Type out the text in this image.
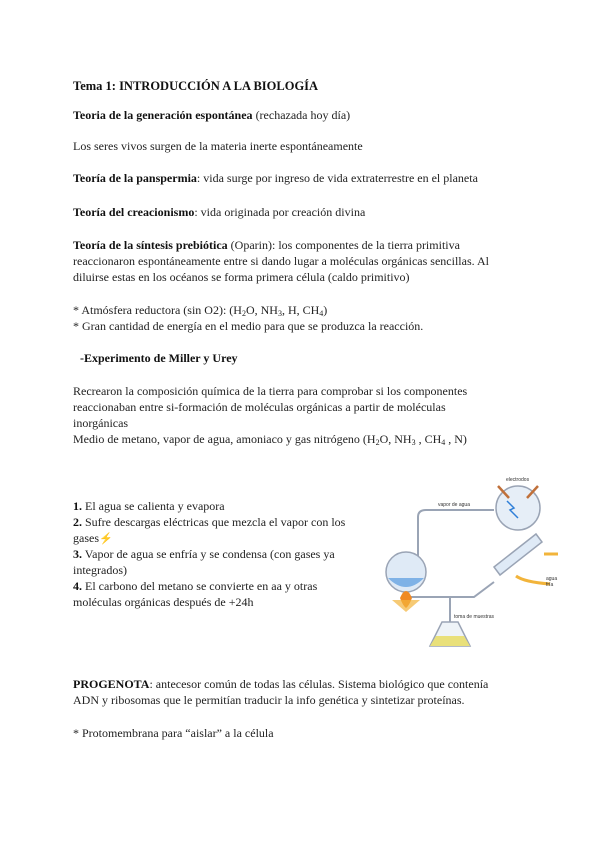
Tema 1: INTRODUCCIÓN A LA BIOLOGÍA
Teoria de la generación espontánea (rechazada hoy día)
Los seres vivos surgen de la materia inerte espontáneamente
Teoría de la panspermia: vida surge por ingreso de vida extraterrestre en el planeta
Teoría del creacionismo: vida originada por creación divina
Teoría de la síntesis prebiótica (Oparin): los componentes de la tierra primitiva
reaccionaron espontáneamente entre si dando lugar a moléculas orgánicas sencillas. Al
diluirse estas en los océanos se forma primera célula (caldo primitivo)
* Atmósfera reductora (sin O2): ($H_2O$, $NH_3$, H, $CH_4$)
* Gran cantidad de energía en el medio para que se produzca la reacción.
-Experimento de Miller y Urey
Recrearon la composición química de la tierra para comprobar si los componentes
reaccionaban entre si-formación de moléculas orgánicas a partir de moléculas
inorgánicas
Medio de metano, vapor de agua, amoniaco y gas nitrógeno ($H_2O$, $NH_3$ , $CH_4$ , N)
1. El agua se calienta y evapora
2. Sufre descargas eléctricas que mezcla el vapor con los
gases⚡
3. Vapor de agua se enfría y se condensa (con gases ya
integrados)
4. El carbono del metano se convierte en aa y otras
moléculas orgánicas después de +24h
electrodos
vapor de agua
toma de muestras
agua
fría
PROGENOTA: antecesor común de todas las células. Sistema biológico que contenía
ADN y ribosomas que le permitían traducir la info genética y sintetizar proteínas.
* Protomembrana para “aislar” a la célula
